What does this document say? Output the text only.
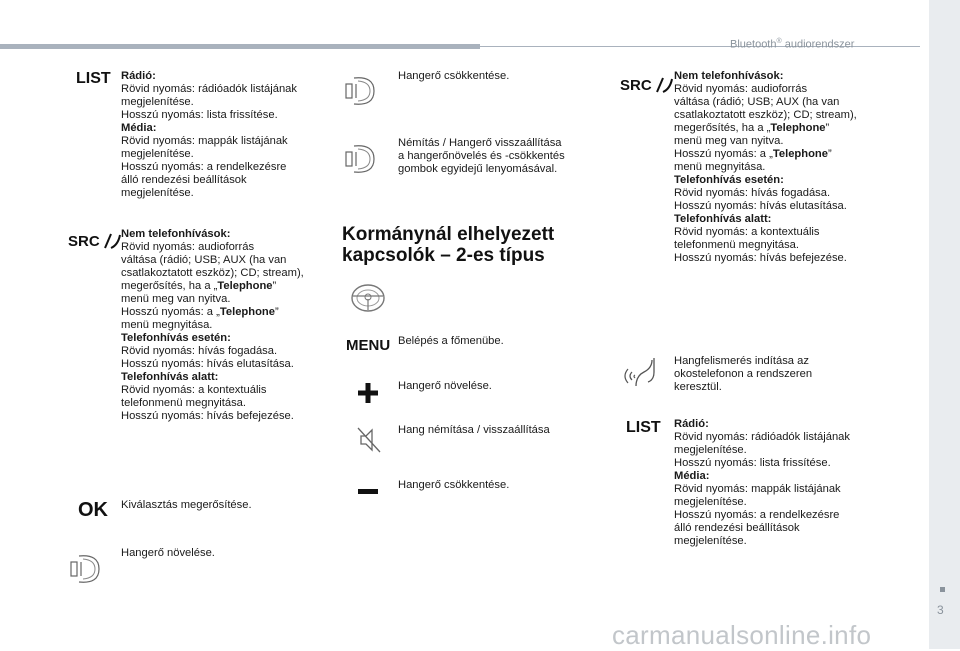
Bluetooth® audiorendszer
3
carmanualsonline.info
LIST Rádió:
Rövid nyomás: rádióadók listájának
megjelenítése.
Hosszú nyomás: lista frissítése.
Média:
Rövid nyomás: mappák listájának
megjelenítése.
Hosszú nyomás: a rendelkezésre
álló rendezési beállítások
megjelenítése.
SRC Nem telefonhívások:
Rövid nyomás: audioforrás
váltása (rádió; USB; AUX (ha van
csatlakoztatott eszköz); CD; stream),
megerősítés, ha a „Telephone”
menü meg van nyitva.
Hosszú nyomás: a „Telephone”
menü megnyitása.
Telefonhívás esetén:
Rövid nyomás: hívás fogadása.
Hosszú nyomás: hívás elutasítása.
Telefonhívás alatt:
Rövid nyomás: a kontextuális
telefonmenü megnyitása.
Hosszú nyomás: hívás befejezése.
OK Kiválasztás megerősítése.
Hangerő növelése.
Hangerő csökkentése.
Némítás / Hangerő visszaállítása
a hangerőnövelés és -csökkentés
gombok egyidejű lenyomásával.
Kormánynál elhelyezett
kapcsolók – 2-es típus
MENU Belépés a főmenübe.
Hangerő növelése.
Hang némítása / visszaállítása
Hangerő csökkentése.
SRC
Nem telefonhívások:
Rövid nyomás: audioforrás
váltása (rádió; USB; AUX (ha van
csatlakoztatott eszköz); CD; stream),
megerősítés, ha a „Telephone”
menü meg van nyitva.
Hosszú nyomás: a „Telephone”
menü megnyitása.
Telefonhívás esetén:
Rövid nyomás: hívás fogadása.
Hosszú nyomás: hívás elutasítása.
Telefonhívás alatt:
Rövid nyomás: a kontextuális
telefonmenü megnyitása.
Hosszú nyomás: hívás befejezése.
Hangfelismerés indítása az
okostelefonon a rendszeren
keresztül.
LIST Rádió:
Rövid nyomás: rádióadók listájának
megjelenítése.
Hosszú nyomás: lista frissítése.
Média:
Rövid nyomás: mappák listájának
megjelenítése.
Hosszú nyomás: a rendelkezésre
álló rendezési beállítások
megjelenítése.
